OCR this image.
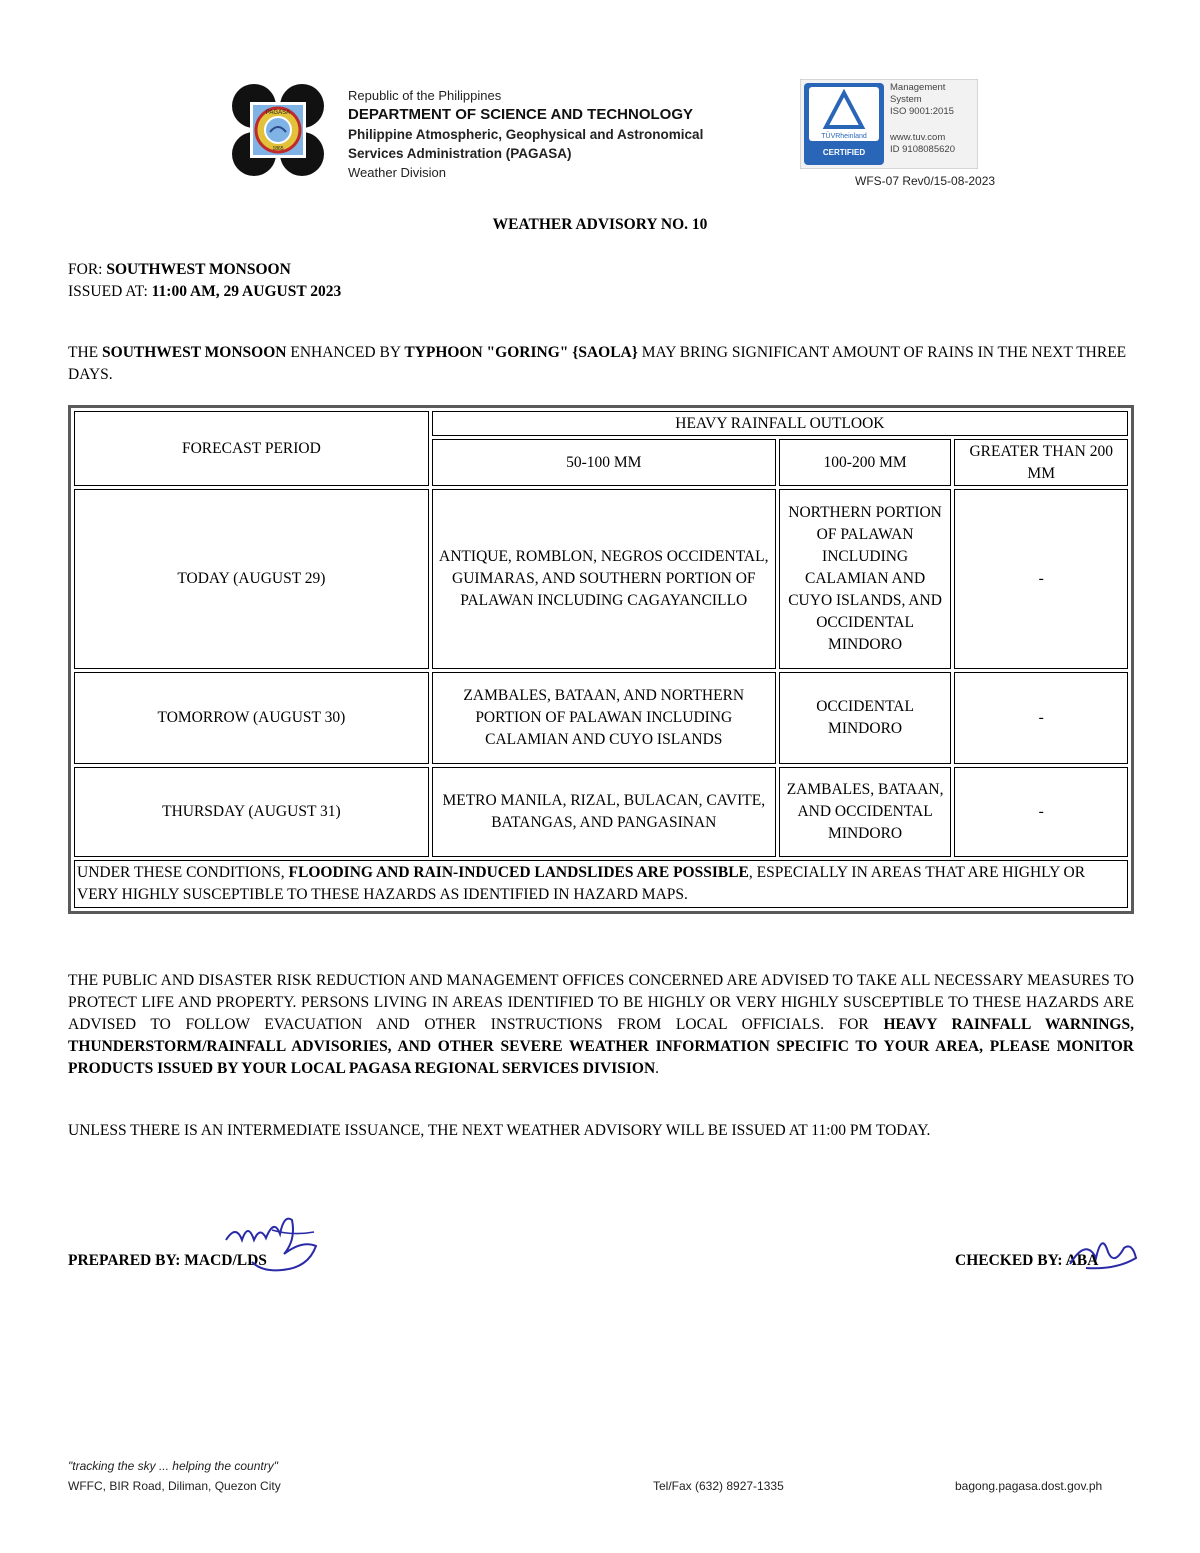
PAGASA
1865
Republic of the Philippines
DEPARTMENT OF SCIENCE AND TECHNOLOGY
Philippine Atmospheric, Geophysical and Astronomical
Services Administration (PAGASA)
Weather Division
TÜVRheinland
CERTIFIED
Management
System
ISO 9001:2015
www.tuv.com
ID 9108085620
WFS-07 Rev0/15-08-2023
WEATHER ADVISORY NO. 10
FOR: SOUTHWEST MONSOON
ISSUED AT: 11:00 AM, 29 AUGUST 2023
THE SOUTHWEST MONSOON ENHANCED BY TYPHOON "GORING" {SAOLA} MAY BRING SIGNIFICANT AMOUNT OF RAINS IN THE NEXT THREE DAYS.
FORECAST PERIOD	HEAVY RAINFALL OUTLOOK		
	50-100 MM	100-200 MM	GREATER THAN 200 MM
TODAY (AUGUST 29)	ANTIQUE, ROMBLON, NEGROS OCCIDENTAL, GUIMARAS, AND SOUTHERN PORTION OF PALAWAN INCLUDING CAGAYANCILLO	NORTHERN PORTION OF PALAWAN INCLUDING CALAMIAN AND CUYO ISLANDS, AND OCCIDENTAL MINDORO	-
TOMORROW (AUGUST 30)	ZAMBALES, BATAAN, AND NORTHERN PORTION OF PALAWAN INCLUDING CALAMIAN AND CUYO ISLANDS	OCCIDENTAL MINDORO	-
THURSDAY (AUGUST 31)	METRO MANILA, RIZAL, BULACAN, CAVITE, BATANGAS, AND PANGASINAN	ZAMBALES, BATAAN, AND OCCIDENTAL MINDORO	-
UNDER THESE CONDITIONS, FLOODING AND RAIN-INDUCED LANDSLIDES ARE POSSIBLE, ESPECIALLY IN AREAS THAT ARE HIGHLY OR VERY HIGHLY SUSCEPTIBLE TO THESE HAZARDS AS IDENTIFIED IN HAZARD MAPS.			
THE PUBLIC AND DISASTER RISK REDUCTION AND MANAGEMENT OFFICES CONCERNED ARE ADVISED TO TAKE ALL NECESSARY MEASURES TO PROTECT LIFE AND PROPERTY. PERSONS LIVING IN AREAS IDENTIFIED TO BE HIGHLY OR VERY HIGHLY SUSCEPTIBLE TO THESE HAZARDS ARE ADVISED TO FOLLOW EVACUATION AND OTHER INSTRUCTIONS FROM LOCAL OFFICIALS. FOR HEAVY RAINFALL WARNINGS, THUNDERSTORM/RAINFALL ADVISORIES, AND OTHER SEVERE WEATHER INFORMATION SPECIFIC TO YOUR AREA, PLEASE MONITOR PRODUCTS ISSUED BY YOUR LOCAL PAGASA REGIONAL SERVICES DIVISION.
UNLESS THERE IS AN INTERMEDIATE ISSUANCE, THE NEXT WEATHER ADVISORY WILL BE ISSUED AT 11:00 PM TODAY.
PREPARED BY: MACD/LDS	CHECKED BY: ABA
"tracking the sky ... helping the country"
WFFC, BIR Road, Diliman, Quezon City	Tel/Fax (632) 8927-1335	bagong.pagasa.dost.gov.ph
